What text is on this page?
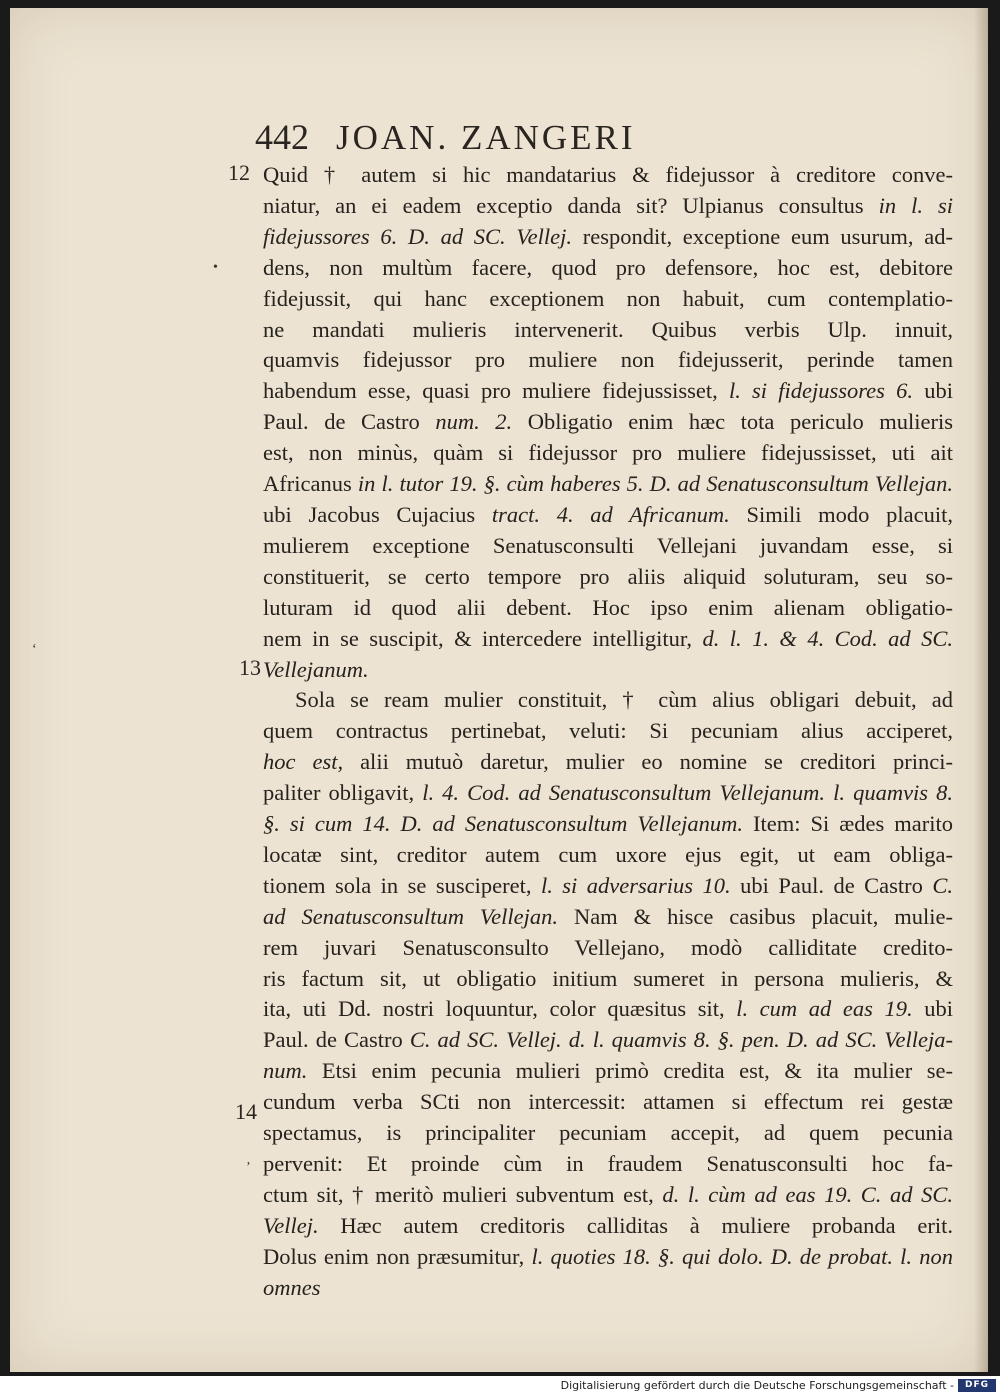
442 JOAN. ZANGERI
12
13
14
•
ʻ
ʼ
Quid † autem si hic mandatarius & fidejussor à creditore conve-
niatur, an ei eadem exceptio danda sit? Ulpianus consultus in l. si
fidejussores 6. D. ad SC. Vellej. respondit, exceptione eum usurum, ad-
dens, non multùm facere, quod pro defensore, hoc est, debitore
fidejussit, qui hanc exceptionem non habuit, cum contemplatio-
ne mandati mulieris intervenerit. Quibus verbis Ulp. innuit,
quamvis fidejussor pro muliere non fidejusserit, perinde tamen
habendum esse, quasi pro muliere fidejussisset, l. si fidejussores 6. ubi
Paul. de Castro num. 2. Obligatio enim hæc tota periculo mulieris
est, non minùs, quàm si fidejussor pro muliere fidejussisset, uti ait
Africanus in l. tutor 19. §. cùm haberes 5. D. ad Senatusconsultum Vellejan.
ubi Jacobus Cujacius tract. 4. ad Africanum. Simili modo placuit,
mulierem exceptione Senatusconsulti Vellejani juvandam esse, si
constituerit, se certo tempore pro aliis aliquid soluturam, seu so-
luturam id quod alii debent. Hoc ipso enim alienam obligatio-
nem in se suscipit, & intercedere intelligitur, d. l. 1. & 4. Cod. ad SC.
Vellejanum.
Sola se ream mulier constituit, † cùm alius obligari debuit, ad
quem contractus pertinebat, veluti: Si pecuniam alius acciperet,
hoc est, alii mutuò daretur, mulier eo nomine se creditori princi-
paliter obligavit, l. 4. Cod. ad Senatusconsultum Vellejanum. l. quamvis 8.
§. si cum 14. D. ad Senatusconsultum Vellejanum. Item: Si ædes marito
locatæ sint, creditor autem cum uxore ejus egit, ut eam obliga-
tionem sola in se susciperet, l. si adversarius 10. ubi Paul. de Castro C.
ad Senatusconsultum Vellejan. Nam & hisce casibus placuit, mulie-
rem juvari Senatusconsulto Vellejano, modò calliditate credito-
ris factum sit, ut obligatio initium sumeret in persona mulieris, &
ita, uti Dd. nostri loquuntur, color quæsitus sit, l. cum ad eas 19. ubi
Paul. de Castro C. ad SC. Vellej. d. l. quamvis 8. §. pen. D. ad SC. Velleja-
num. Etsi enim pecunia mulieri primò credita est, & ita mulier se-
cundum verba SCti non intercessit: attamen si effectum rei gestæ
spectamus, is principaliter pecuniam accepit, ad quem pecunia
pervenit: Et proinde cùm in fraudem Senatusconsulti hoc fa-
ctum sit, † meritò mulieri subventum est, d. l. cùm ad eas 19. C. ad SC.
Vellej. Hæc autem creditoris calliditas à muliere probanda erit.
Dolus enim non præsumitur, l. quoties 18. §. qui dolo. D. de probat. l. non
omnes
Digitalisierung gefördert durch die Deutsche Forschungsgemeinschaft -	DFG
